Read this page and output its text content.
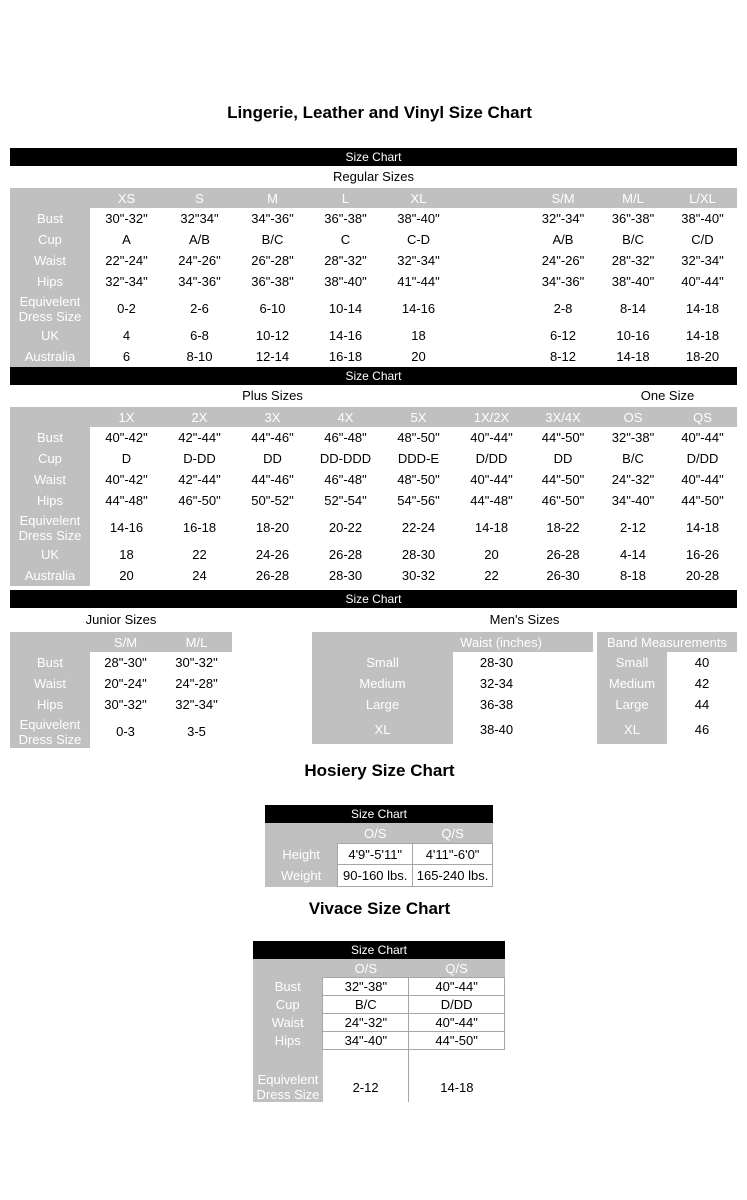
Lingerie, Leather and Vinyl Size Chart
Size Chart
Regular Sizes
	XS	S	M	L	XL		S/M	M/L	L/XL
Bust	30"-32"	32"34"	34"-36"	36"-38"	38"-40"		32"-34"	36"-38"	38"-40"
Cup	A	A/B	B/C	C	C-D		A/B	B/C	C/D
Waist	22"-24"	24"-26"	26"-28"	28"-32"	32"-34"		24"-26"	28"-32"	32"-34"
Hips	32"-34"	34"-36"	36"-38"	38"-40"	41"-44"		34"-36"	38"-40"	40"-44"
Equivelent Dress Size	0-2	2-6	6-10	10-14	14-16		2-8	8-14	14-18
UK	4	6-8	10-12	14-16	18		6-12	10-16	14-18
Australia	6	8-10	12-14	16-18	20		8-12	14-18	18-20
Size Chart
Plus Sizes	One Size
	1X	2X	3X	4X	5X	1X/2X	3X/4X	OS	QS
Bust	40"-42"	42"-44"	44"-46"	46"-48"	48"-50"	40"-44"	44"-50"	32"-38"	40"-44"
Cup	D	D-DD	DD	DD-DDD	DDD-E	D/DD	DD	B/C	D/DD
Waist	40"-42"	42"-44"	44"-46"	46"-48"	48"-50"	40"-44"	44"-50"	24"-32"	40"-44"
Hips	44"-48"	46"-50"	50"-52"	52"-54"	54"-56"	44"-48"	46"-50"	34"-40"	44"-50"
Equivelent Dress Size	14-16	16-18	18-20	20-22	22-24	14-18	18-22	2-12	14-18
UK	18	22	24-26	26-28	28-30	20	26-28	4-14	16-26
Australia	20	24	26-28	28-30	30-32	22	26-30	8-18	20-28
Size Chart
Junior Sizes	Men's Sizes
	S/M	M/L
Bust	28"-30"	30"-32"
Waist	20"-24"	24"-28"
Hips	30"-32"	32"-34"
Equivelent Dress Size	0-3	3-5
Waist (inches)		
Small	28-30	
Medium	32-34	
Large	36-38	
XL	38-40	
Band Measurements	
Small	40
Medium	42
Large	44
XL	46
Hosiery Size Chart
Size Chart
	O/S	Q/S
Height	4'9"-5'11"	4'11"-6'0"
Weight	90-160 lbs.	165-240 lbs.
Vivace Size Chart
Size Chart
	O/S	Q/S
Bust	32"-38"	40"-44"
Cup	B/C	D/DD
Waist	24"-32"	40"-44"
Hips	34"-40"	44"-50"

Equivelent Dress Size	2-12	14-18
